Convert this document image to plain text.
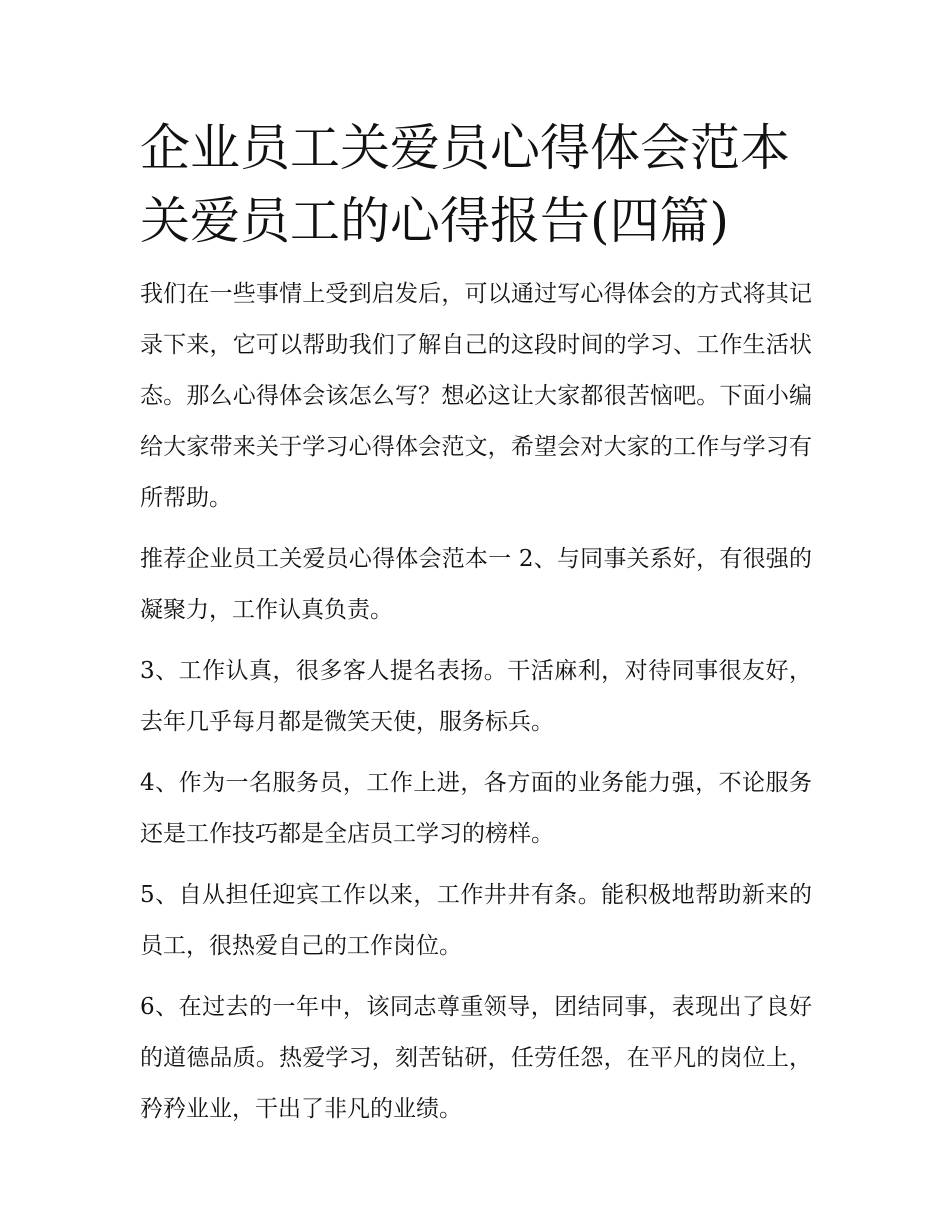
企业员工关爱员心得体会范本关爱员工的心得报告(四篇)

我们在一些事情上受到启发后，可以通过写心得体会的方式将其记录下来，它可以帮助我们了解自己的这段时间的学习、工作生活状态。那么心得体会该怎么写？想必这让大家都很苦恼吧。下面小编给大家带来关于学习心得体会范文，希望会对大家的工作与学习有所帮助。

推荐企业员工关爱员心得体会范本一 2、与同事关系好，有很强的凝聚力，工作认真负责。

3、工作认真，很多客人提名表扬。干活麻利，对待同事很友好，去年几乎每月都是微笑天使，服务标兵。

4、作为一名服务员，工作上进，各方面的业务能力强，不论服务还是工作技巧都是全店员工学习的榜样。

5、自从担任迎宾工作以来，工作井井有条。能积极地帮助新来的员工，很热爱自己的工作岗位。

6、在过去的一年中，该同志尊重领导，团结同事，表现出了良好的道德品质。热爱学习，刻苦钻研，任劳任怨，在平凡的岗位上，矜矜业业，干出了非凡的业绩。
